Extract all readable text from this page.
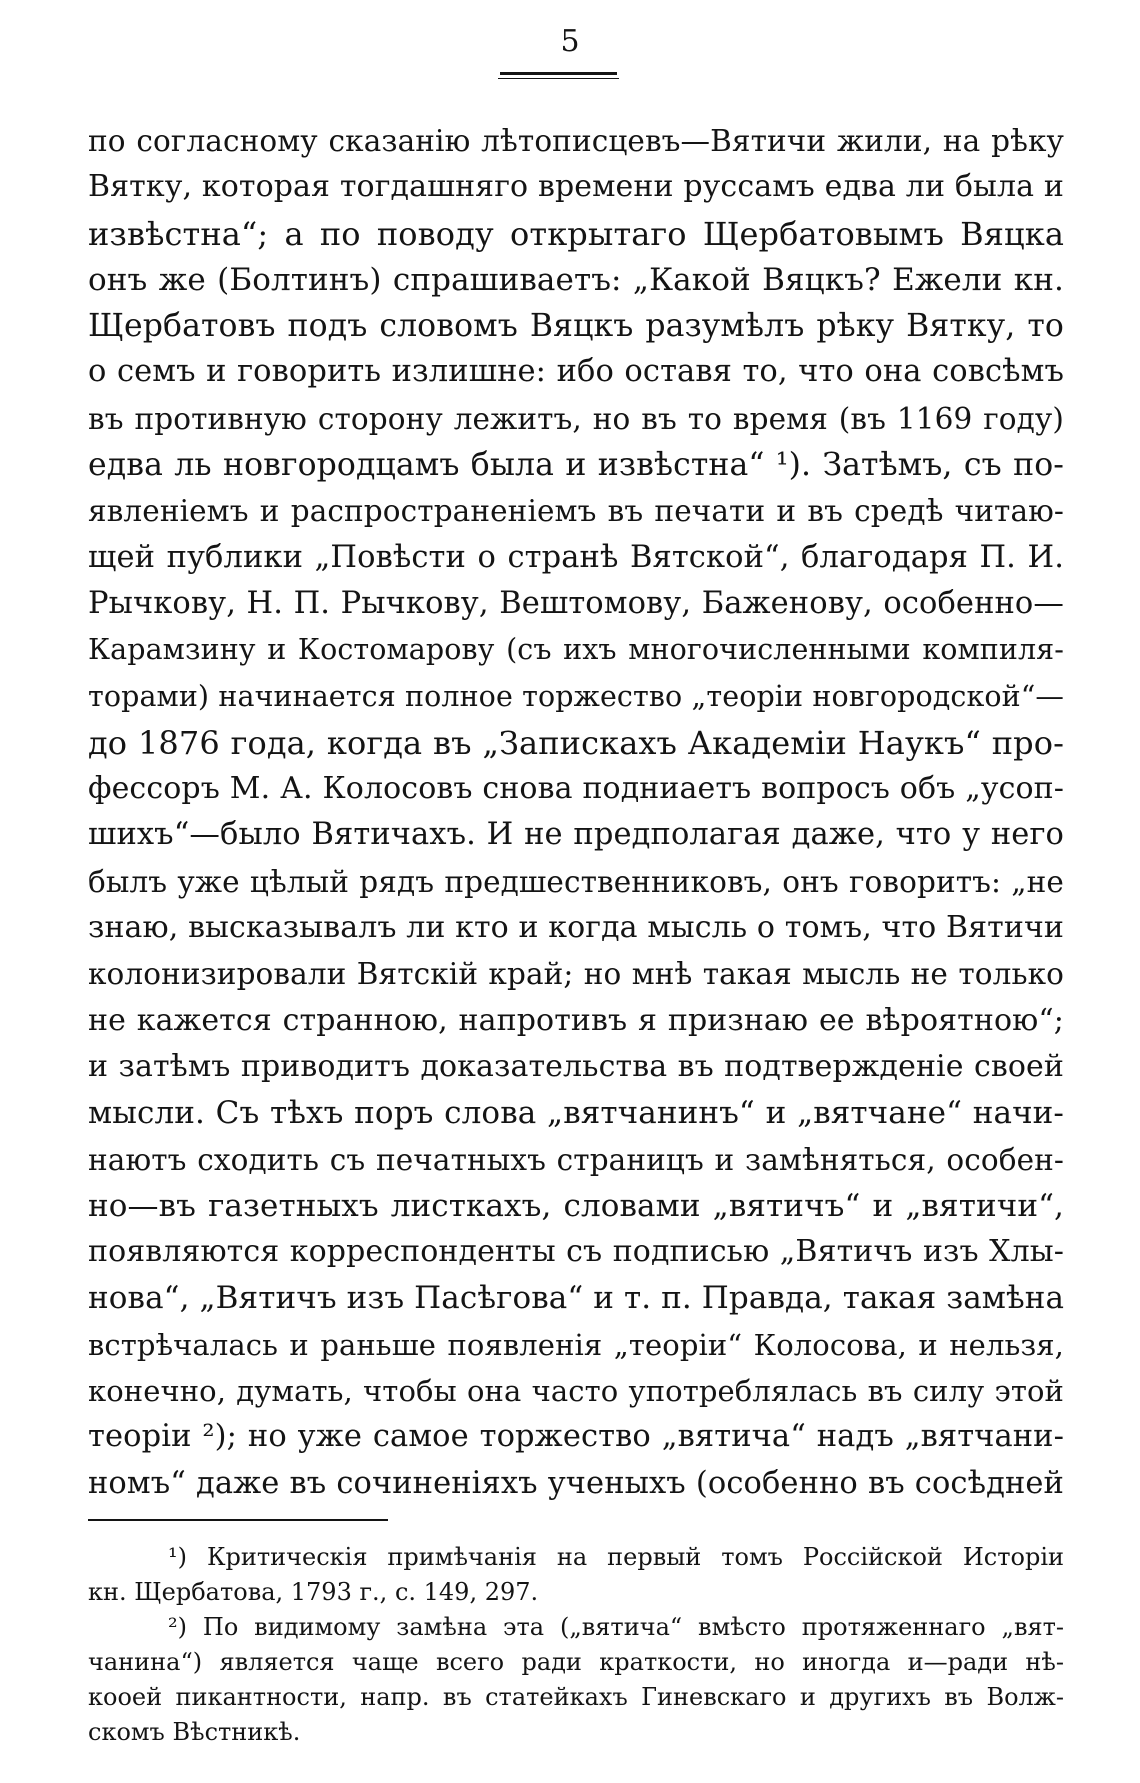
5
по согласному сказанію лѣтописцевъ—Вятичи жили, на рѣку
Вятку, которая тогдашняго времени руссамъ едва ли была и
извѣстна“; а по поводу открытаго Щербатовымъ Вяцка
онъ же (Болтинъ) спрашиваетъ: „Какой Вяцкъ? Ежели кн.
Щербатовъ подъ словомъ Вяцкъ разумѣлъ рѣку Вятку, то
о семъ и говорить излишне: ибо оставя то, что она совсѣмъ
въ противную сторону лежитъ, но въ то время (въ 1169 году)
едва ль новгородцамъ была и извѣстна“ ¹). Затѣмъ, съ по-
явленіемъ и распространеніемъ въ печати и въ средѣ читаю-
щей публики „Повѣсти о странѣ Вятской“, благодаря П. И.
Рычкову, Н. П. Рычкову, Вештомову, Баженову, особенно—
Карамзину и Костомарову (съ ихъ многочисленными компиля-
торами) начинается полное торжество „теоріи новгородской“—
до 1876 года, когда въ „Запискахъ Академіи Наукъ“ про-
фессоръ М. А. Колосовъ снова подниаетъ вопросъ объ „усоп-
шихъ“—было Вятичахъ. И не предполагая даже, что у него
былъ уже цѣлый рядъ предшественниковъ, онъ говоритъ: „не
знаю, высказывалъ ли кто и когда мысль о томъ, что Вятичи
колонизировали Вятскій край; но мнѣ такая мысль не только
не кажется странною, напротивъ я признаю ее вѣроятною“;
и затѣмъ приводитъ доказательства въ подтвержденіе своей
мысли. Съ тѣхъ поръ слова „вятчанинъ“ и „вятчане“ начи-
наютъ сходить съ печатныхъ страницъ и замѣняться, особен-
но—въ газетныхъ листкахъ, словами „вятичъ“ и „вятичи“,
появляются корреспонденты съ подписью „Вятичъ изъ Хлы-
нова“, „Вятичъ изъ Пасѣгова“ и т. п. Правда, такая замѣна
встрѣчалась и раньше появленія „теоріи“ Колосова, и нельзя,
конечно, думать, чтобы она часто употреблялась въ силу этой
теоріи ²); но уже самое торжество „вятича“ надъ „вятчани-
номъ“ даже въ сочиненіяхъ ученыхъ (особенно въ сосѣдней
¹) Критическія примѣчанія на первый томъ Россійской Исторіи
кн. Щербатова, 1793 г., с. 149, 297.
²) По видимому замѣна эта („вятича“ вмѣсто протяженнаго „вят-
чанина“) является чаще всего ради краткости, но иногда и—ради нѣ-
кооей пикантности, напр. въ статейкахъ Гиневскаго и другихъ въ Волж-
скомъ Вѣстникѣ.
